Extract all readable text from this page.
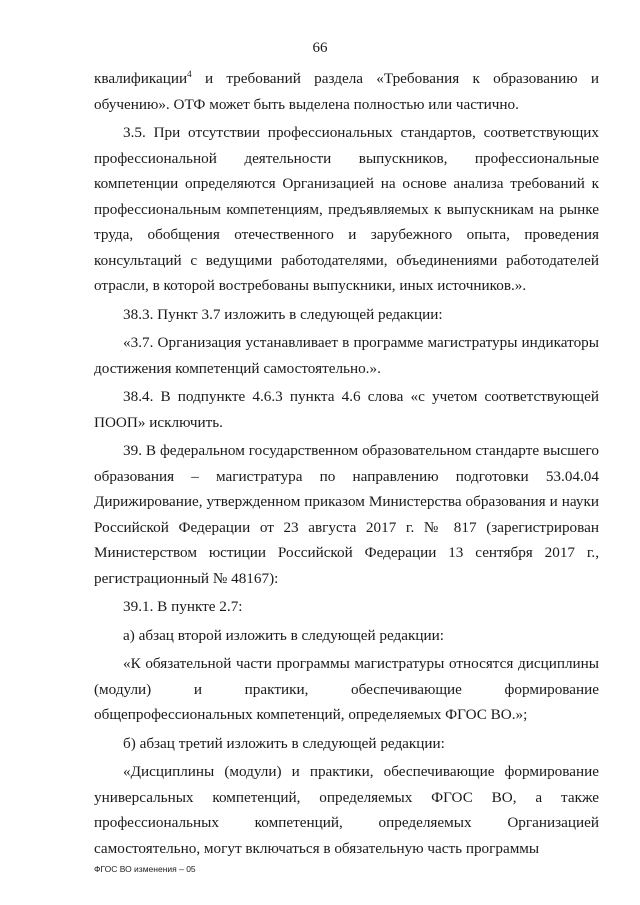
66

квалификации$^4$ и требований раздела «Требования к образованию и обучению». ОТФ может быть выделена полностью или частично.

3.5. При отсутствии профессиональных стандартов, соответствующих профессиональной деятельности выпускников, профессиональные компетенции определяются Организацией на основе анализа требований к профессиональным компетенциям, предъявляемых к выпускникам на рынке труда, обобщения отечественного и зарубежного опыта, проведения консультаций с ведущими работодателями, объединениями работодателей отрасли, в которой востребованы выпускники, иных источников.».

38.3. Пункт 3.7 изложить в следующей редакции:

«3.7. Организация устанавливает в программе магистратуры индикаторы достижения компетенций самостоятельно.».

38.4. В подпункте 4.6.3 пункта 4.6 слова «с учетом соответствующей ПООП» исключить.

39. В федеральном государственном образовательном стандарте высшего образования – магистратура по направлению подготовки 53.04.04 Дирижирование, утвержденном приказом Министерства образования и науки Российской Федерации от 23 августа 2017 г. № 817 (зарегистрирован Министерством юстиции Российской Федерации 13 сентября 2017 г., регистрационный № 48167):

39.1. В пункте 2.7:

а) абзац второй изложить в следующей редакции:

«К обязательной части программы магистратуры относятся дисциплины (модули) и практики, обеспечивающие формирование общепрофессиональных компетенций, определяемых ФГОС ВО.»;

б) абзац третий изложить в следующей редакции:

«Дисциплины (модули) и практики, обеспечивающие формирование универсальных компетенций, определяемых ФГОС ВО, а также профессиональных компетенций, определяемых Организацией самостоятельно, могут включаться в обязательную часть программы

ФГОС ВО изменения – 05
